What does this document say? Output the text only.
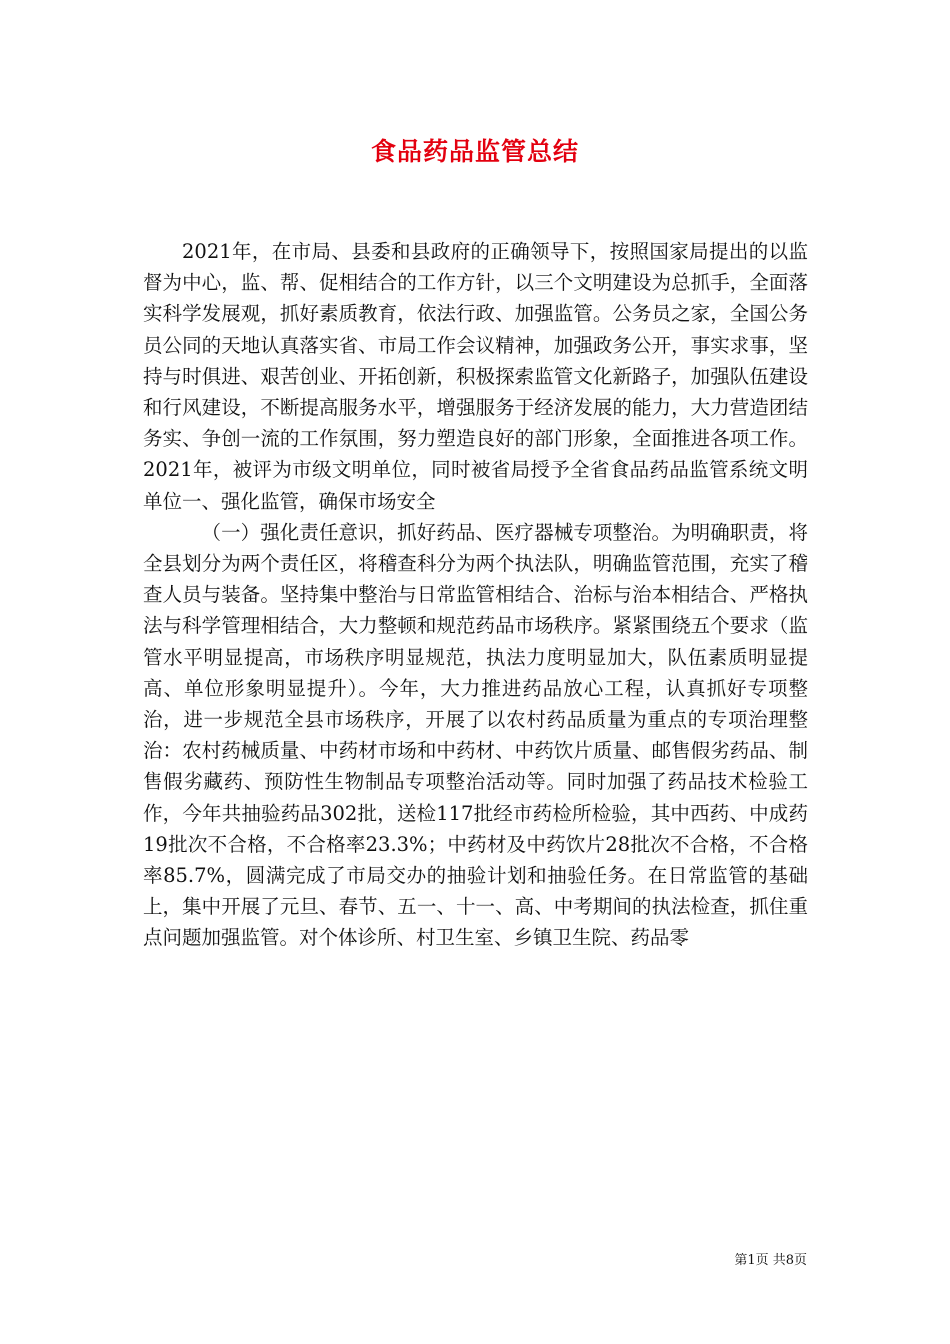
食品药品监管总结

2021年，在市局、县委和县政府的正确领导下，按照国家局提出的以监督为中心，监、帮、促相结合的工作方针，以三个文明建设为总抓手，全面落实科学发展观，抓好素质教育，依法行政、加强监管。公务员之家，全国公务员公同的天地认真落实省、市局工作会议精神，加强政务公开，事实求事，坚持与时俱进、艰苦创业、开拓创新，积极探索监管文化新路子，加强队伍建设和行风建设，不断提高服务水平，增强服务于经济发展的能力，大力营造团结务实、争创一流的工作氛围，努力塑造良好的部门形象，全面推进各项工作。2021年，被评为市级文明单位，同时被省局授予全省食品药品监管系统文明单位一、强化监管，确保市场安全

（一）强化责任意识，抓好药品、医疗器械专项整治。为明确职责，将全县划分为两个责任区，将稽查科分为两个执法队，明确监管范围，充实了稽查人员与装备。坚持集中整治与日常监管相结合、治标与治本相结合、严格执法与科学管理相结合，大力整顿和规范药品市场秩序。紧紧围绕五个要求（监管水平明显提高，市场秩序明显规范，执法力度明显加大，队伍素质明显提高、单位形象明显提升）。今年，大力推进药品放心工程，认真抓好专项整治，进一步规范全县市场秩序，开展了以农村药品质量为重点的专项治理整治：农村药械质量、中药材市场和中药材、中药饮片质量、邮售假劣药品、制售假劣藏药、预防性生物制品专项整治活动等。同时加强了药品技术检验工作，今年共抽验药品302批，送检117批经市药检所检验，其中西药、中成药19批次不合格，不合格率23.3%；中药材及中药饮片28批次不合格，不合格率85.7%，圆满完成了市局交办的抽验计划和抽验任务。在日常监管的基础上，集中开展了元旦、春节、五一、十一、高、中考期间的执法检查，抓住重点问题加强监管。对个体诊所、村卫生室、乡镇卫生院、药品零

第1页 共8页
